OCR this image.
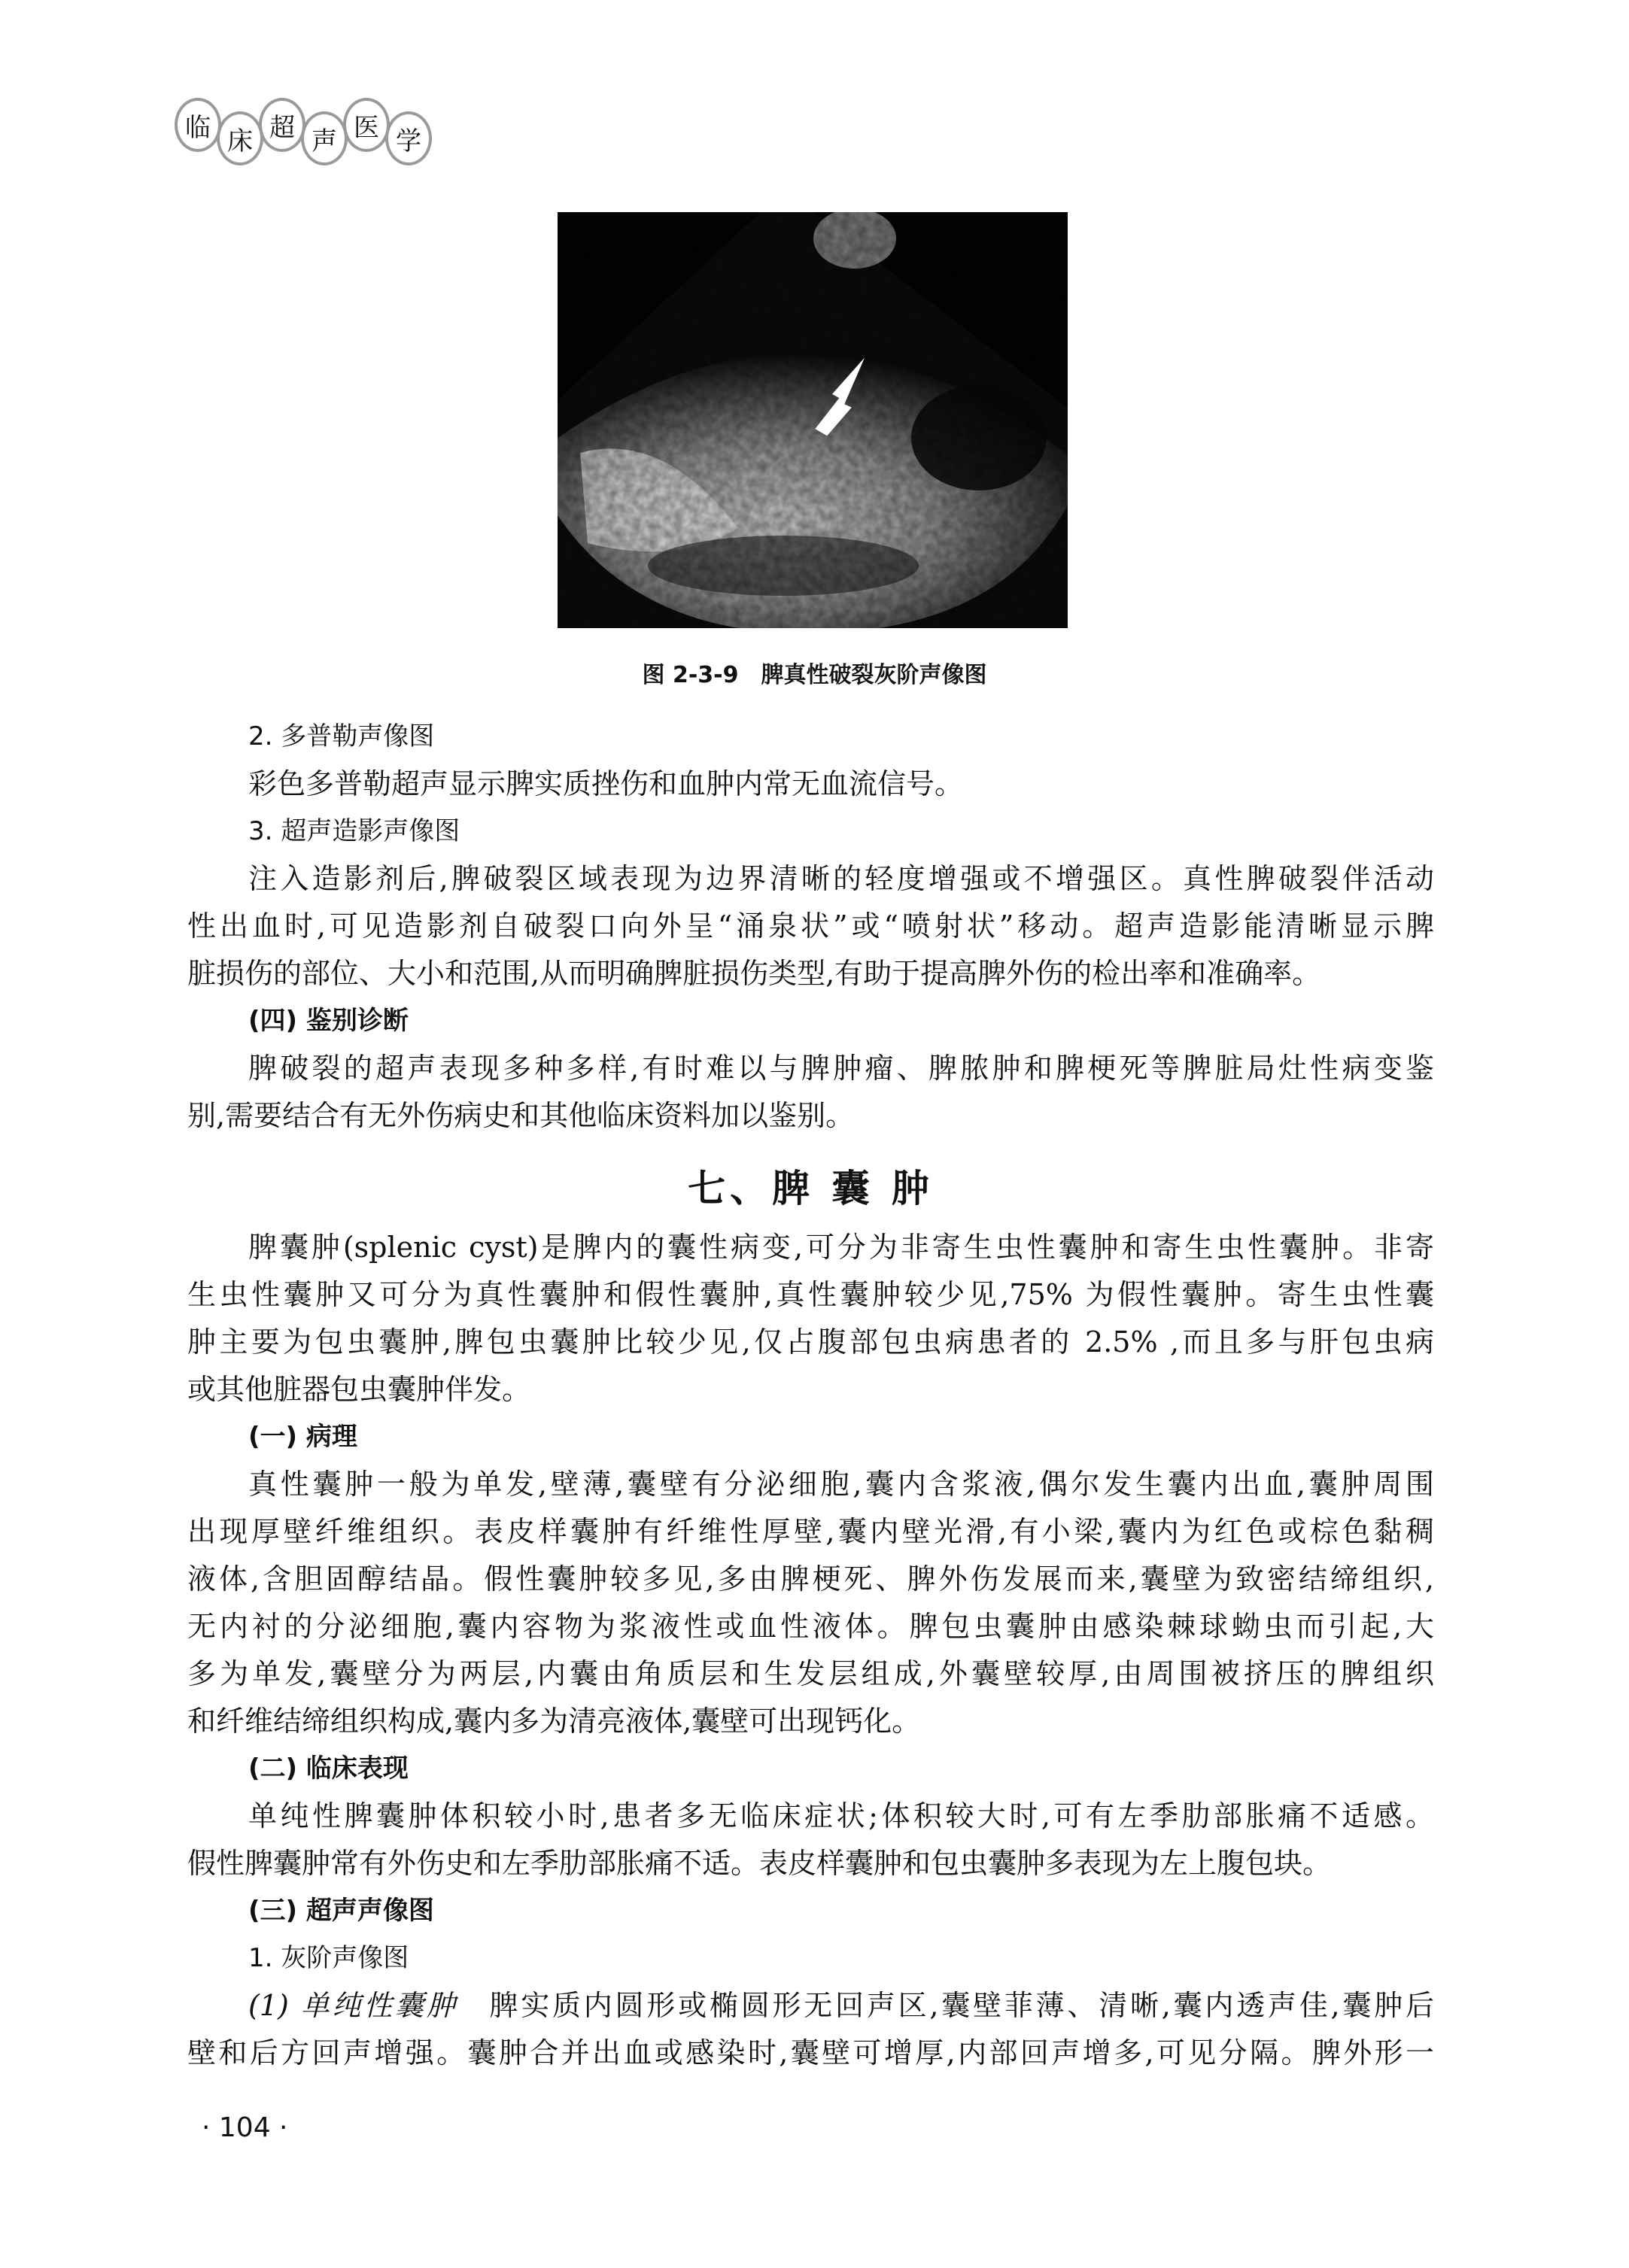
临 床 超 声 医 学
图 2-3-9　脾真性破裂灰阶声像图
2. 多普勒声像图
彩色多普勒超声显示脾实质挫伤和血肿内常无血流信号。
3. 超声造影声像图
注入造影剂后,脾破裂区域表现为边界清晰的轻度增强或不增强区。真性脾破裂伴活动
性出血时,可见造影剂自破裂口向外呈“涌泉状”或“喷射状”移动。超声造影能清晰显示脾
脏损伤的部位、大小和范围,从而明确脾脏损伤类型,有助于提高脾外伤的检出率和准确率。
(四) 鉴别诊断
脾破裂的超声表现多种多样,有时难以与脾肿瘤、脾脓肿和脾梗死等脾脏局灶性病变鉴
别,需要结合有无外伤病史和其他临床资料加以鉴别。
七、脾 囊 肿
脾囊肿(splenic cyst)是脾内的囊性病变,可分为非寄生虫性囊肿和寄生虫性囊肿。非寄
生虫性囊肿又可分为真性囊肿和假性囊肿,真性囊肿较少见,75% 为假性囊肿。寄生虫性囊
肿主要为包虫囊肿,脾包虫囊肿比较少见,仅占腹部包虫病患者的 2.5% ,而且多与肝包虫病
或其他脏器包虫囊肿伴发。
(一) 病理
真性囊肿一般为单发,壁薄,囊壁有分泌细胞,囊内含浆液,偶尔发生囊内出血,囊肿周围
出现厚壁纤维组织。表皮样囊肿有纤维性厚壁,囊内壁光滑,有小梁,囊内为红色或棕色黏稠
液体,含胆固醇结晶。假性囊肿较多见,多由脾梗死、脾外伤发展而来,囊壁为致密结缔组织,
无内衬的分泌细胞,囊内容物为浆液性或血性液体。脾包虫囊肿由感染棘球蚴虫而引起,大
多为单发,囊壁分为两层,内囊由角质层和生发层组成,外囊壁较厚,由周围被挤压的脾组织
和纤维结缔组织构成,囊内多为清亮液体,囊壁可出现钙化。
(二) 临床表现
单纯性脾囊肿体积较小时,患者多无临床症状;体积较大时,可有左季肋部胀痛不适感。
假性脾囊肿常有外伤史和左季肋部胀痛不适。表皮样囊肿和包虫囊肿多表现为左上腹包块。
(三) 超声声像图
1. 灰阶声像图
(1) 单纯性囊肿　脾实质内圆形或椭圆形无回声区,囊壁菲薄、清晰,囊内透声佳,囊肿后
壁和后方回声增强。囊肿合并出血或感染时,囊壁可增厚,内部回声增多,可见分隔。脾外形一
· 104 ·
